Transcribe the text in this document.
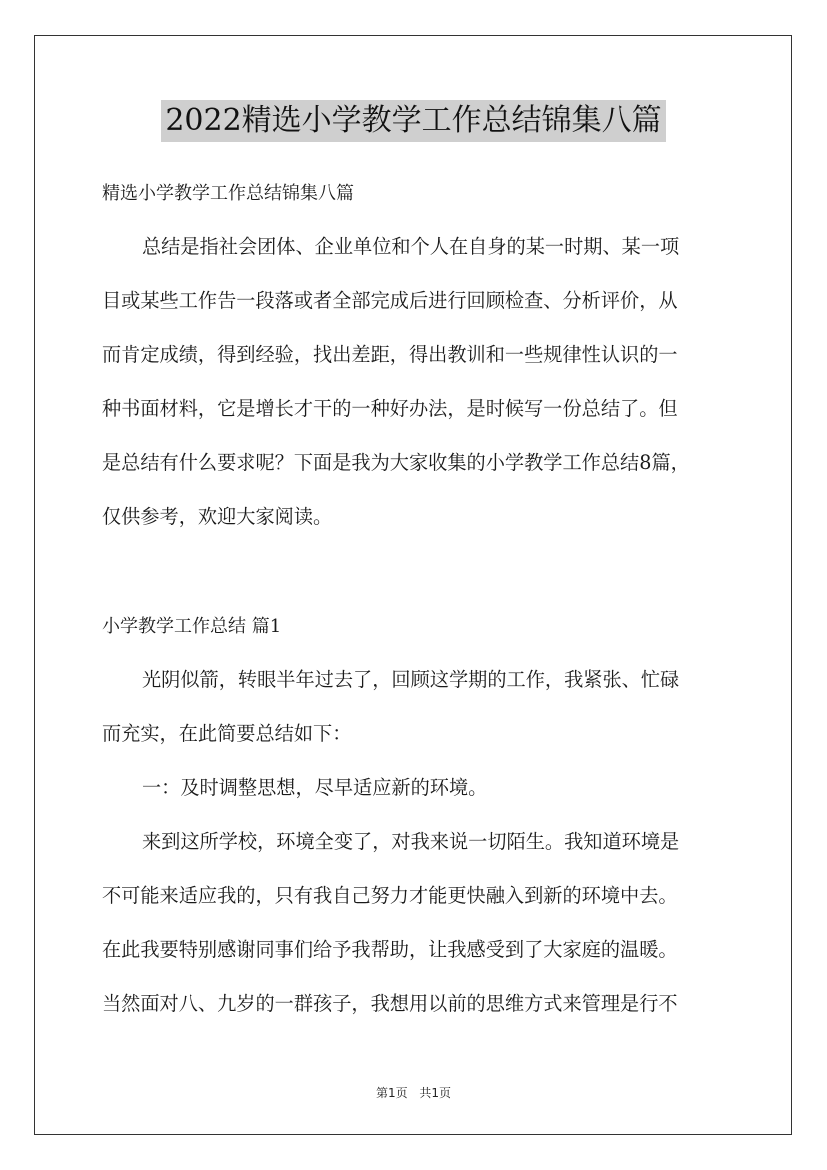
2022精选小学教学工作总结锦集八篇
精选小学教学工作总结锦集八篇
总结是指社会团体、企业单位和个人在自身的某一时期、某一项
目或某些工作告一段落或者全部完成后进行回顾检查、分析评价，从
而肯定成绩，得到经验，找出差距，得出教训和一些规律性认识的一
种书面材料，它是增长才干的一种好办法，是时候写一份总结了。但
是总结有什么要求呢？下面是我为大家收集的小学教学工作总结8篇，
仅供参考，欢迎大家阅读。
小学教学工作总结 篇1
光阴似箭，转眼半年过去了，回顾这学期的工作，我紧张、忙碌
而充实，在此简要总结如下：
一：及时调整思想，尽早适应新的环境。
来到这所学校，环境全变了，对我来说一切陌生。我知道环境是
不可能来适应我的，只有我自己努力才能更快融入到新的环境中去。
在此我要特别感谢同事们给予我帮助，让我感受到了大家庭的温暖。
当然面对八、九岁的一群孩子，我想用以前的思维方式来管理是行不
第1页 共1页
